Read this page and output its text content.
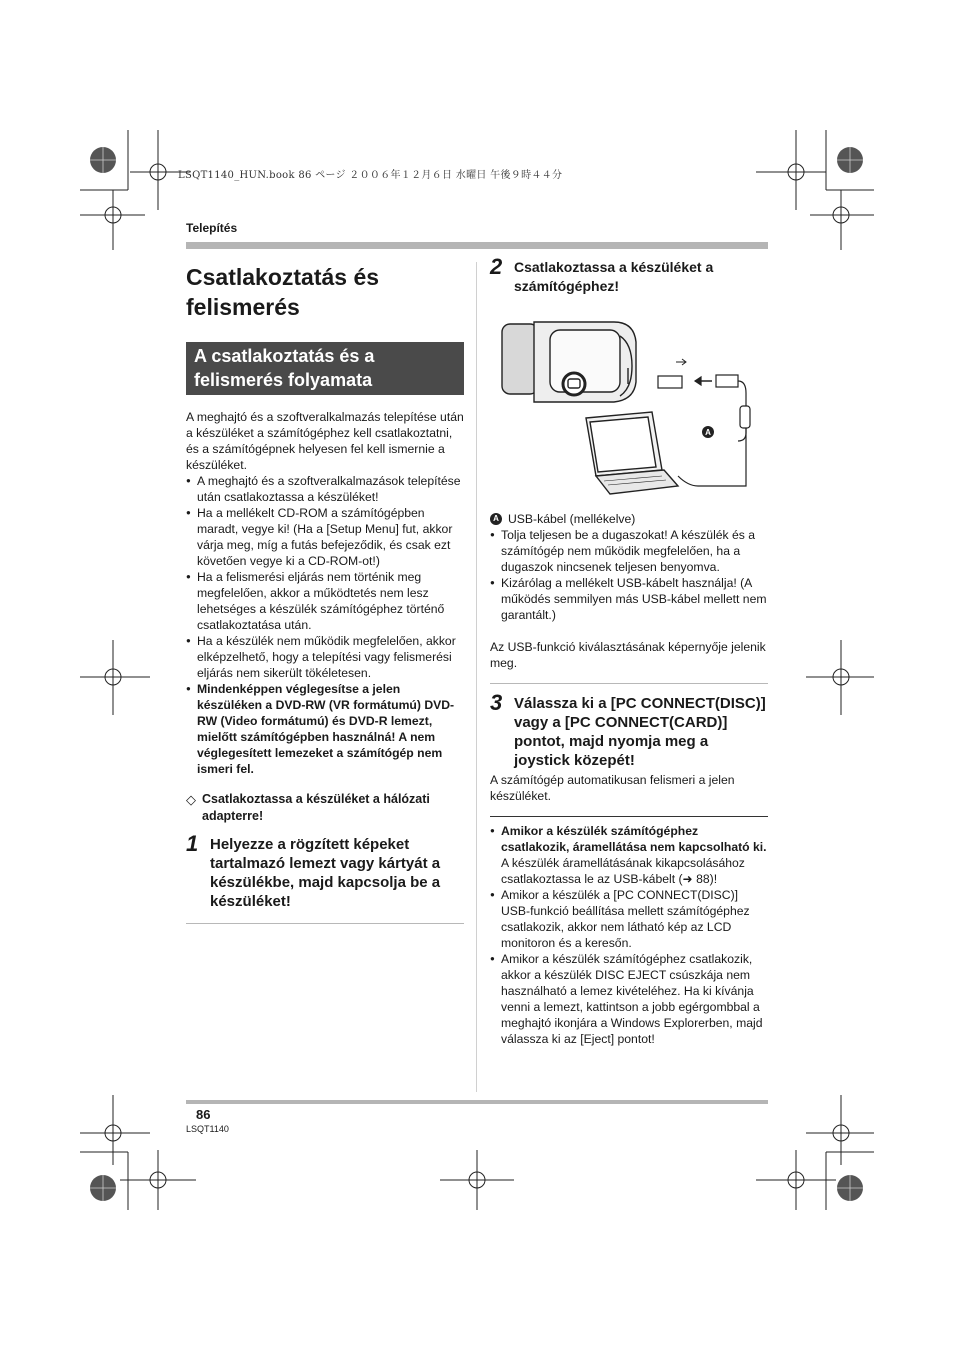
LSQT1140_HUN.book 86 ページ ２００６年１２月６日 水曜日 午後９時４４分
Telepítés
Csatlakoztatás és felismerés
A csatlakoztatás és a felismerés folyamata

A meghajtó és a szoftveralkalmazás telepítése után a készüléket a számítógéphez kell csatlakoztatni, és a számítógépnek helyesen fel kell ismernie a készüléket.

● A meghajtó és a szoftveralkalmazások telepítése után csatlakoztassa a készüléket!
● Ha a mellékelt CD-ROM a számítógépben maradt, vegye ki! (Ha a [Setup Menu] fut, akkor várja meg, míg a futás befejeződik, és csak ezt követően vegye ki a CD-ROM-ot!)
● Ha a felismerési eljárás nem történik meg megfelelően, akkor a működtetés nem lesz lehetséges a készülék számítógéphez történő csatlakoztatása után.
● Ha a készülék nem működik megfelelően, akkor elképzelhető, hogy a telepítési vagy felismerési eljárás nem sikerült tökéletesen.
● Mindenképpen véglegesítse a jelen készüléken a DVD-RW (VR formátumú) DVD-RW (Video formátumú) és DVD-R lemezt, mielőtt számítógépben használná! A nem véglegesített lemezeket a számítógép nem ismeri fel.
◇ Csatlakoztassa a készüléket a hálózati adapterre!
1 Helyezze a rögzített képeket tartalmazó lemezt vagy kártyát a készülékbe, majd kapcsolja be a készüléket!
2 Csatlakoztassa a készüléket a számítógéphez!
A
A USB-kábel (mellékelve)
● Tolja teljesen be a dugaszokat! A készülék és a számítógép nem működik megfelelően, ha a dugaszok nincsenek teljesen benyomva.
● Kizárólag a mellékelt USB-kábelt használja! (A működés semmilyen más USB-kábel mellett nem garantált.)

Az USB-funkció kiválasztásának képernyője jelenik meg.

3 Válassza ki a [PC CONNECT(DISC)] vagy a [PC CONNECT(CARD)] pontot, majd nyomja meg a joystick közepét!

A számítógép automatikusan felismeri a jelen készüléket.

● Amikor a készülék számítógéphez csatlakozik, áramellátása nem kapcsolható ki.
A készülék áramellátásának kikapcsolásához csatlakoztassa le az USB-kábelt (➜ 88)!
● Amikor a készülék a [PC CONNECT(DISC)] USB-funkció beállítása mellett számítógéphez csatlakozik, akkor nem látható kép az LCD monitoron és a keresőn.
● Amikor a készülék számítógéphez csatlakozik, akkor a készülék DISC EJECT csúszkája nem használható a lemez kivételéhez. Ha ki kívánja venni a lemezt, kattintson a jobb egérgombbal a meghajtó ikonjára a Windows Explorerben, majd válassza ki az [Eject] pontot!
86
LSQT1140
